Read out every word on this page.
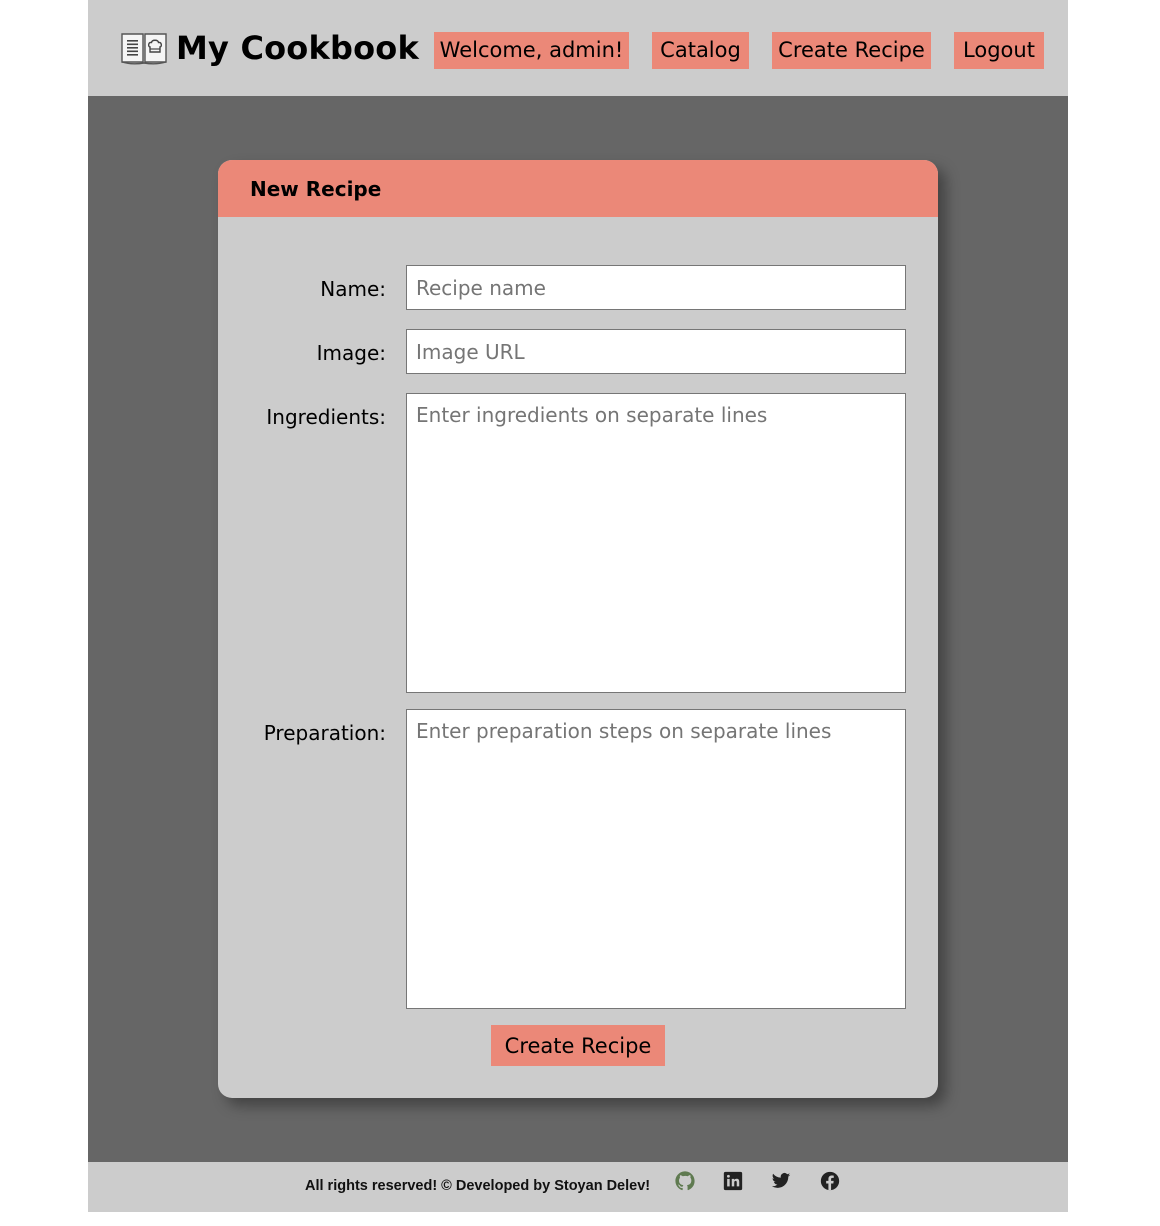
My Cookbook Welcome, admin!	Catalog	Create Recipe	Logout
New Recipe
Name:
Recipe name
Image:
Image URL
Ingredients:
Enter ingredients on separate lines
Preparation:
Enter preparation steps on separate lines
Create Recipe

All rights reserved! © Developed by Stoyan Delev!
